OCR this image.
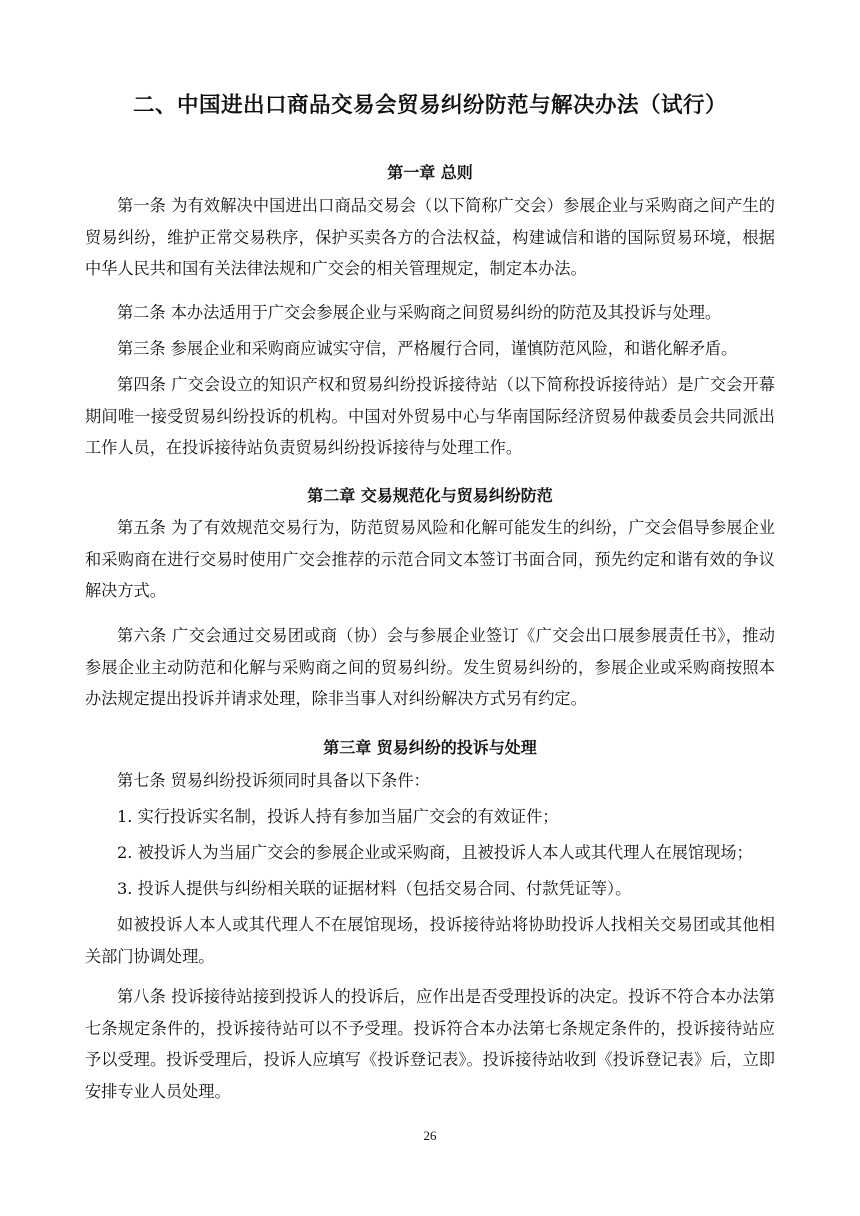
二、中国进出口商品交易会贸易纠纷防范与解决办法（试行）
第一章 总则

第一条 为有效解决中国进出口商品交易会（以下简称广交会）参展企业与采购商之间产生的贸易纠纷，维护正常交易秩序，保护买卖各方的合法权益，构建诚信和谐的国际贸易环境，根据中华人民共和国有关法律法规和广交会的相关管理规定，制定本办法。

第二条 本办法适用于广交会参展企业与采购商之间贸易纠纷的防范及其投诉与处理。

第三条 参展企业和采购商应诚实守信，严格履行合同，谨慎防范风险，和谐化解矛盾。

第四条 广交会设立的知识产权和贸易纠纷投诉接待站（以下简称投诉接待站）是广交会开幕期间唯一接受贸易纠纷投诉的机构。中国对外贸易中心与华南国际经济贸易仲裁委员会共同派出工作人员，在投诉接待站负责贸易纠纷投诉接待与处理工作。

第二章 交易规范化与贸易纠纷防范

第五条 为了有效规范交易行为，防范贸易风险和化解可能发生的纠纷，广交会倡导参展企业和采购商在进行交易时使用广交会推荐的示范合同文本签订书面合同，预先约定和谐有效的争议解决方式。

第六条 广交会通过交易团或商（协）会与参展企业签订《广交会出口展参展责任书》，推动参展企业主动防范和化解与采购商之间的贸易纠纷。发生贸易纠纷的，参展企业或采购商按照本办法规定提出投诉并请求处理，除非当事人对纠纷解决方式另有约定。

第三章 贸易纠纷的投诉与处理

第七条 贸易纠纷投诉须同时具备以下条件：

1. 实行投诉实名制，投诉人持有参加当届广交会的有效证件；

2. 被投诉人为当届广交会的参展企业或采购商，且被投诉人本人或其代理人在展馆现场；

3. 投诉人提供与纠纷相关联的证据材料（包括交易合同、付款凭证等）。

如被投诉人本人或其代理人不在展馆现场，投诉接待站将协助投诉人找相关交易团或其他相关部门协调处理。

第八条 投诉接待站接到投诉人的投诉后，应作出是否受理投诉的决定。投诉不符合本办法第七条规定条件的，投诉接待站可以不予受理。投诉符合本办法第七条规定条件的，投诉接待站应予以受理。投诉受理后，投诉人应填写《投诉登记表》。投诉接待站收到《投诉登记表》后，立即安排专业人员处理。

26
